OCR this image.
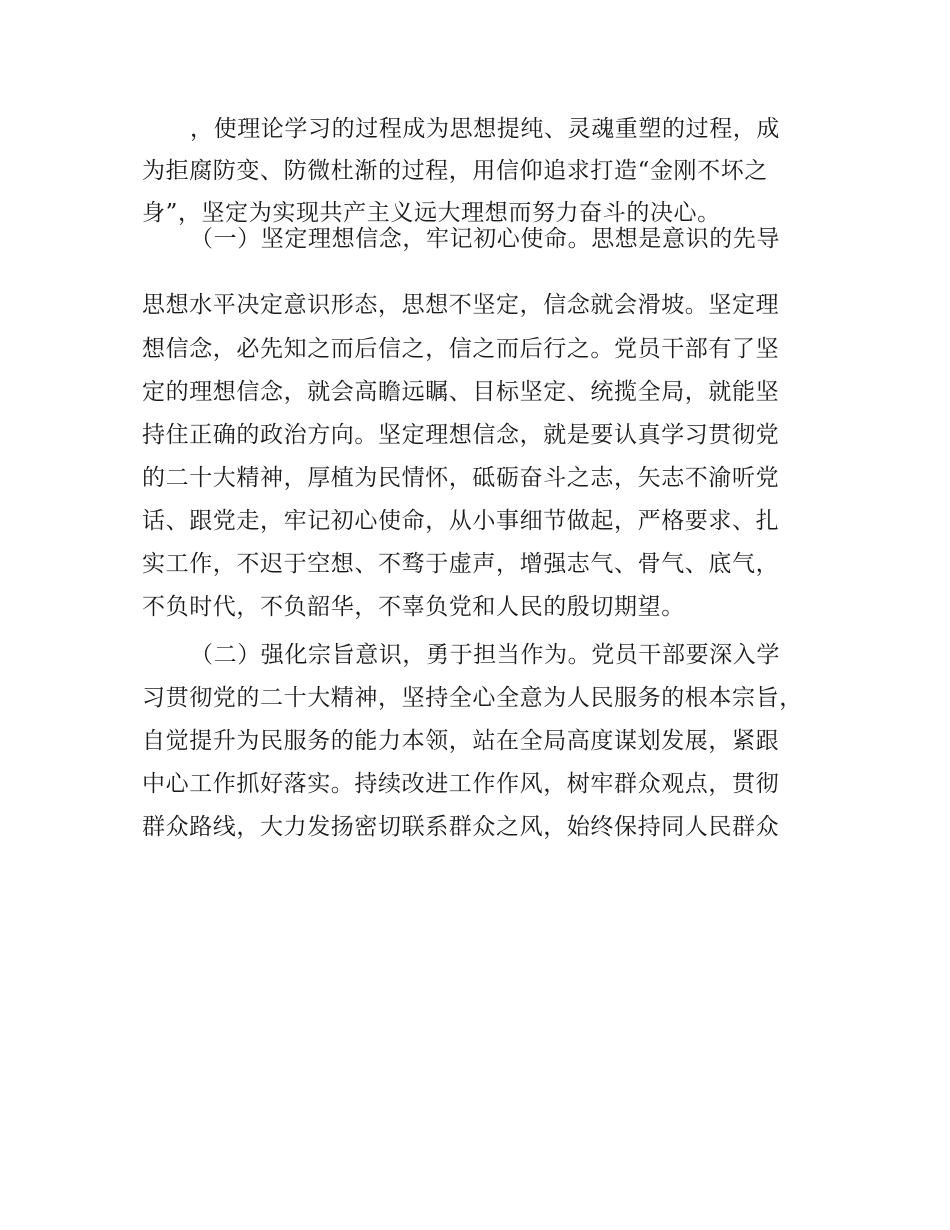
，使理论学习的过程成为思想提纯、灵魂重塑的过程，成
为拒腐防变、防微杜渐的过程，用信仰追求打造“金刚不坏之
身”，坚定为实现共产主义远大理想而努力奋斗的决心。
（一）坚定理想信念，牢记初心使命。思想是意识的先导
思想水平决定意识形态，思想不坚定，信念就会滑坡。坚定理
想信念，必先知之而后信之，信之而后行之。党员干部有了坚
定的理想信念，就会高瞻远瞩、目标坚定、统揽全局，就能坚
持住正确的政治方向。坚定理想信念，就是要认真学习贯彻党
的二十大精神，厚植为民情怀，砥砺奋斗之志，矢志不渝听党
话、跟党走，牢记初心使命，从小事细节做起，严格要求、扎
实工作，不迟于空想、不骛于虚声，增强志气、骨气、底气，
不负时代，不负韶华，不辜负党和人民的殷切期望。
（二）强化宗旨意识，勇于担当作为。党员干部要深入学
习贯彻党的二十大精神，坚持全心全意为人民服务的根本宗旨，
自觉提升为民服务的能力本领，站在全局高度谋划发展，紧跟
中心工作抓好落实。持续改进工作作风，树牢群众观点，贯彻
群众路线，大力发扬密切联系群众之风，始终保持同人民群众
